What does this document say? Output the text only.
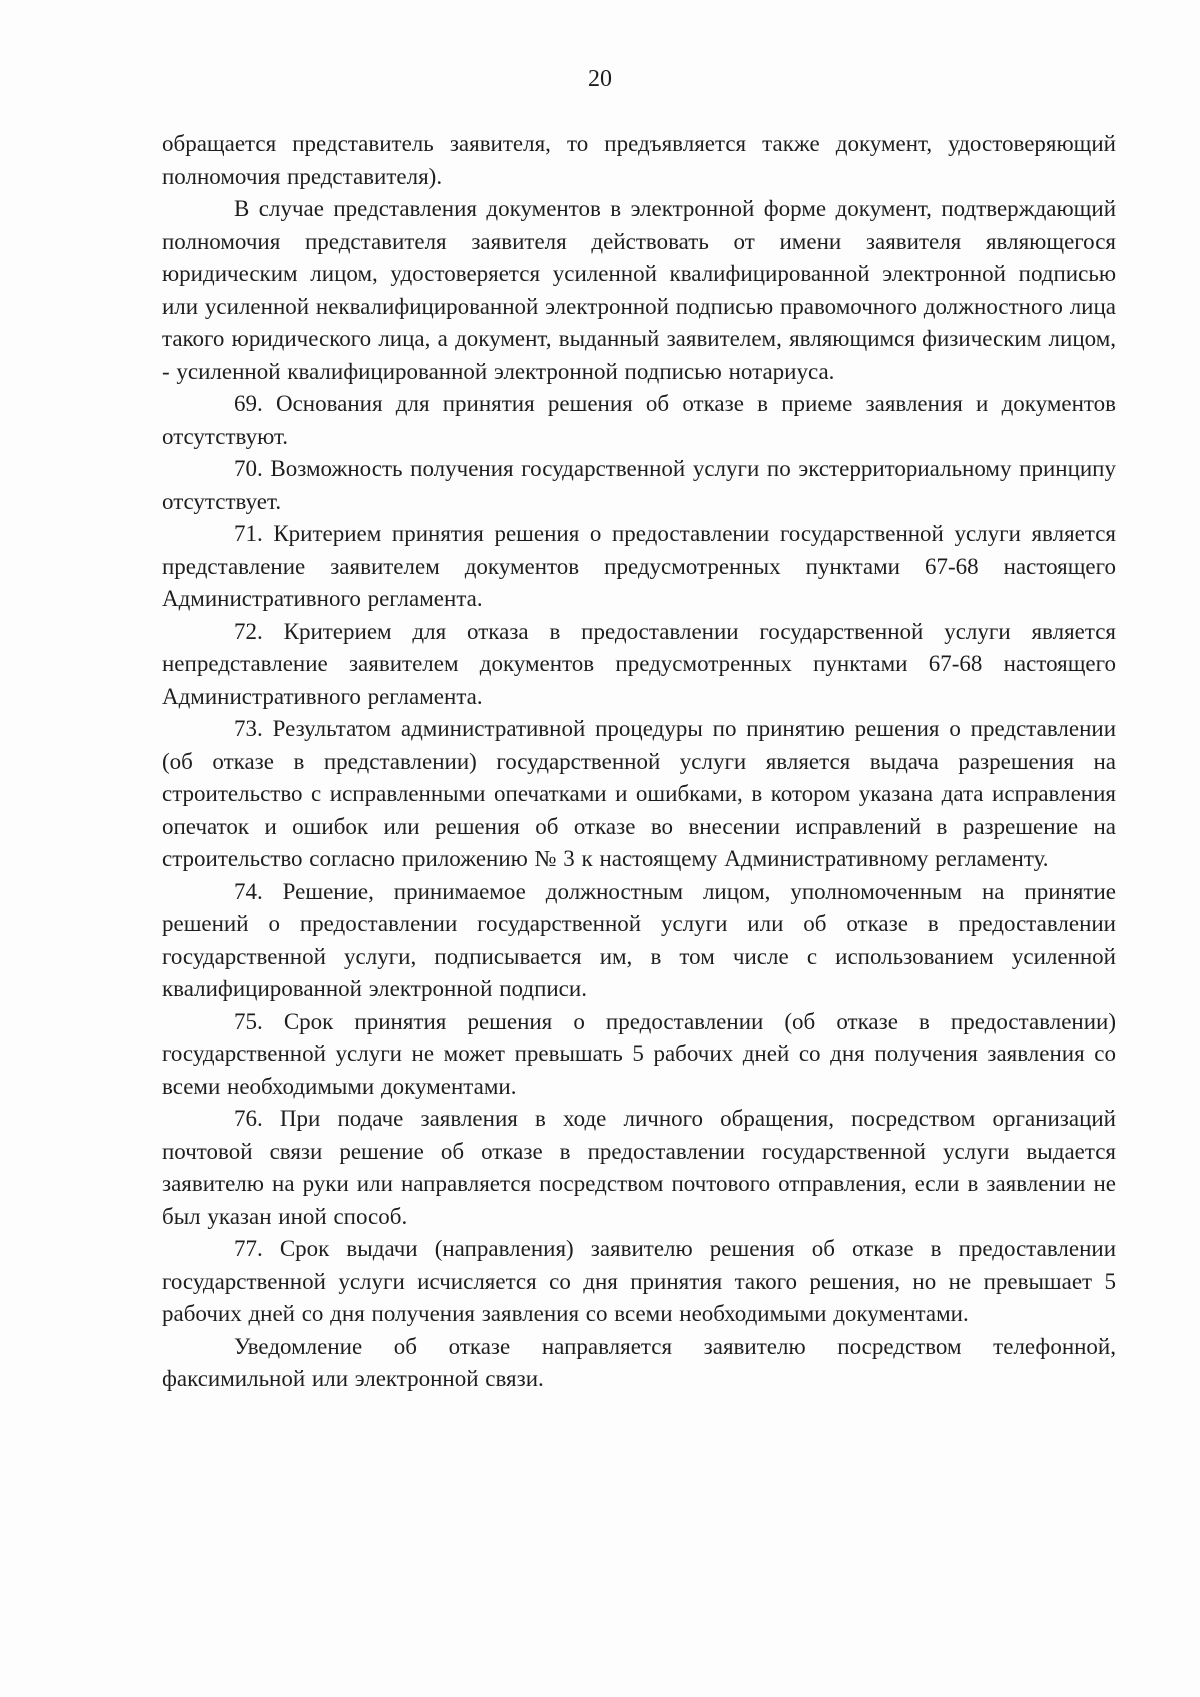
20

обращается представитель заявителя, то предъявляется также документ, удостоверяющий полномочия представителя).

В случае представления документов в электронной форме документ, подтверждающий полномочия представителя заявителя действовать от имени заявителя являющегося юридическим лицом, удостоверяется усиленной квалифицированной электронной подписью или усиленной неквалифицированной электронной подписью правомочного должностного лица такого юридического лица, а документ, выданный заявителем, являющимся физическим лицом, - усиленной квалифицированной электронной подписью нотариуса.

69. Основания для принятия решения об отказе в приеме заявления и документов отсутствуют.

70. Возможность получения государственной услуги по экстерриториальному принципу отсутствует.

71. Критерием принятия решения о предоставлении государственной услуги является представление заявителем документов предусмотренных пунктами 67-68 настоящего Административного регламента.

72. Критерием для отказа в предоставлении государственной услуги является непредставление заявителем документов предусмотренных пунктами 67-68 настоящего Административного регламента.

73. Результатом административной процедуры по принятию решения о представлении (об отказе в представлении) государственной услуги является выдача разрешения на строительство с исправленными опечатками и ошибками, в котором указана дата исправления опечаток и ошибок или решения об отказе во внесении исправлений в разрешение на строительство согласно приложению № 3 к настоящему Административному регламенту.

74. Решение, принимаемое должностным лицом, уполномоченным на принятие решений о предоставлении государственной услуги или об отказе в предоставлении государственной услуги, подписывается им, в том числе с использованием усиленной квалифицированной электронной подписи.

75. Срок принятия решения о предоставлении (об отказе в предоставлении) государственной услуги не может превышать 5 рабочих дней со дня получения заявления со всеми необходимыми документами.

76. При подаче заявления в ходе личного обращения, посредством организаций почтовой связи решение об отказе в предоставлении государственной услуги выдается заявителю на руки или направляется посредством почтового отправления, если в заявлении не был указан иной способ.

77. Срок выдачи (направления) заявителю решения об отказе в предоставлении государственной услуги исчисляется со дня принятия такого решения, но не превышает 5 рабочих дней со дня получения заявления со всеми необходимыми документами.

Уведомление об отказе направляется заявителю посредством телефонной, факсимильной или электронной связи.
